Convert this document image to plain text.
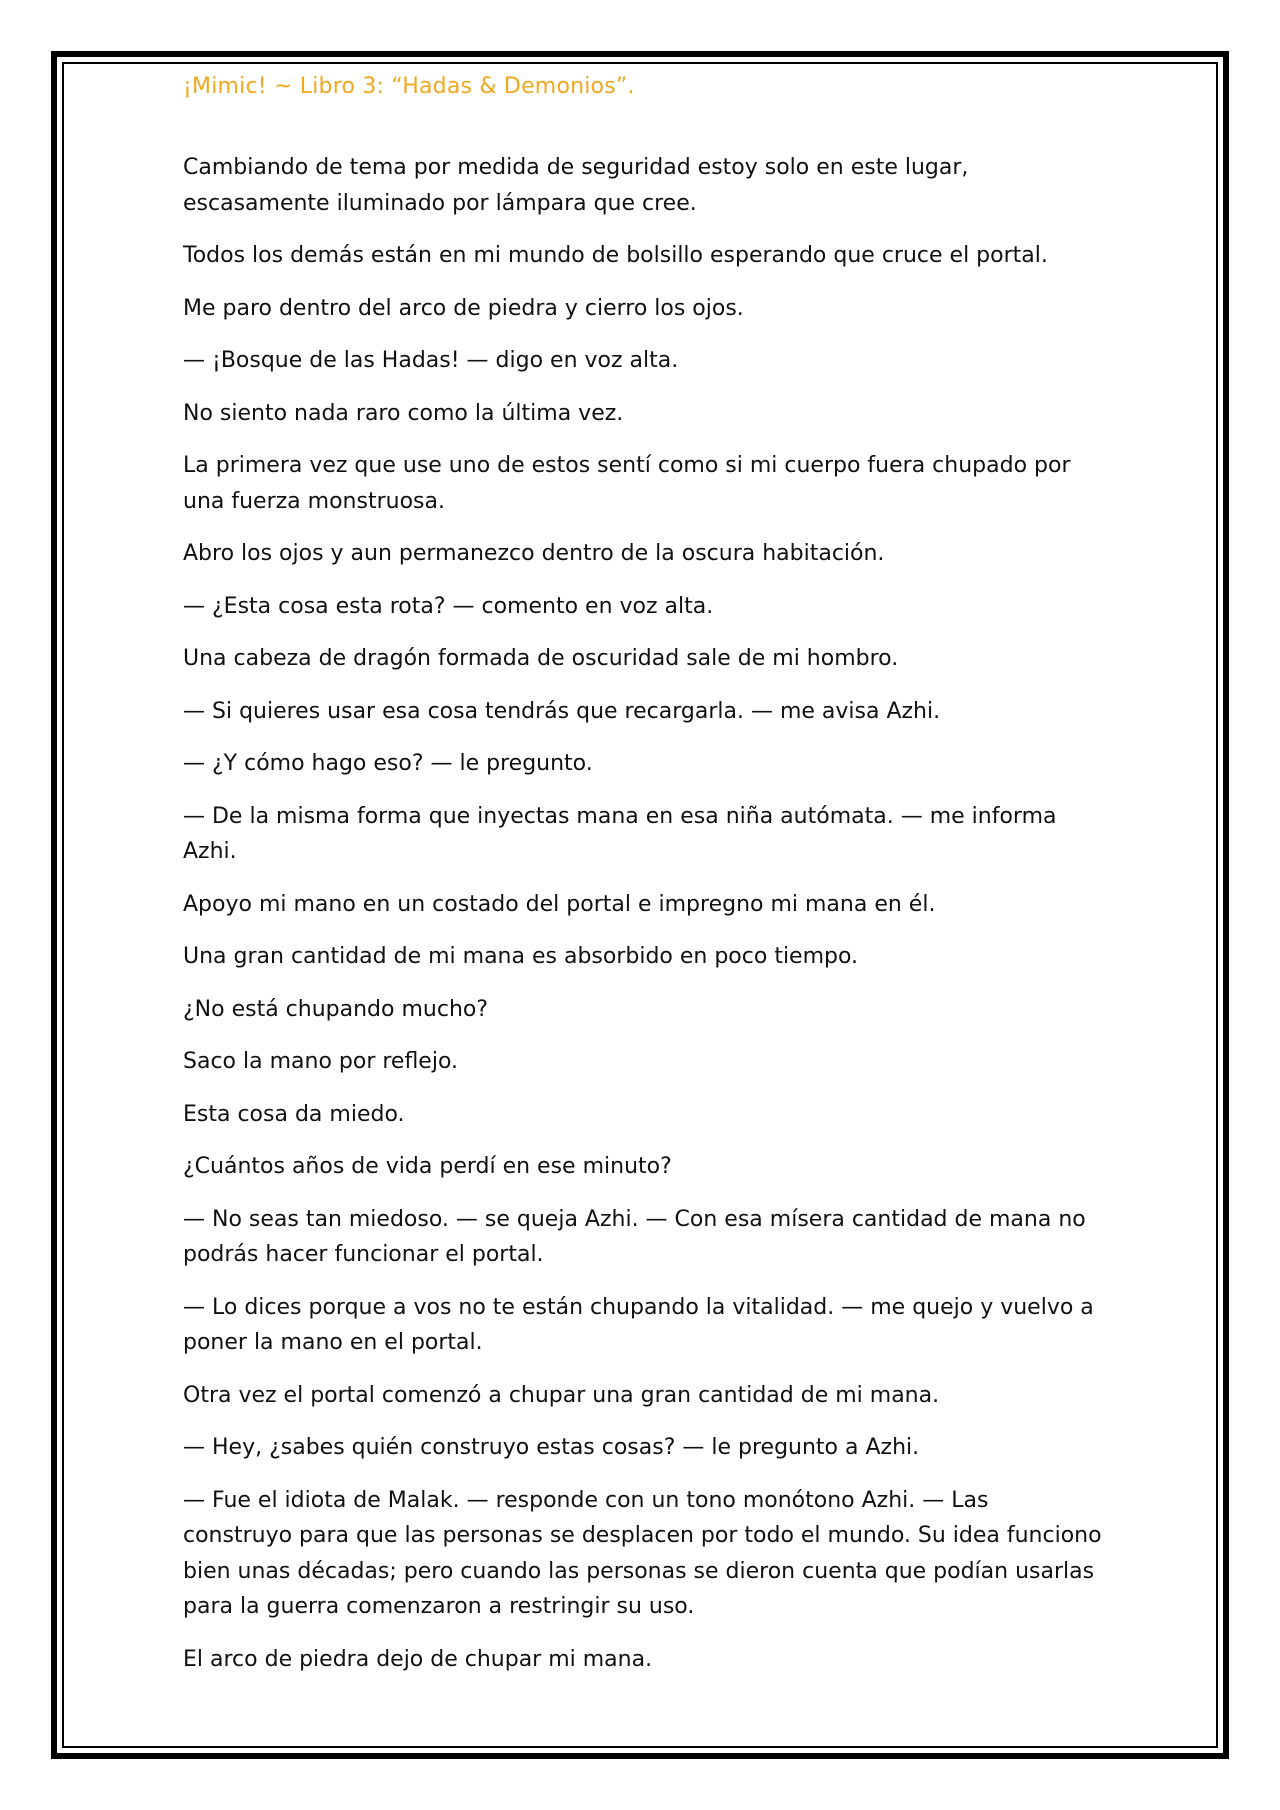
¡Mimic! ~ Libro 3: “Hadas & Demonios”.

Cambiando de tema por medida de seguridad estoy solo en este lugar, escasamente iluminado por lámpara que cree.

Todos los demás están en mi mundo de bolsillo esperando que cruce el portal.

Me paro dentro del arco de piedra y cierro los ojos.

— ¡Bosque de las Hadas! — digo en voz alta.

No siento nada raro como la última vez.

La primera vez que use uno de estos sentí como si mi cuerpo fuera chupado por una fuerza monstruosa.

Abro los ojos y aun permanezco dentro de la oscura habitación.

— ¿Esta cosa esta rota? — comento en voz alta.

Una cabeza de dragón formada de oscuridad sale de mi hombro.

— Si quieres usar esa cosa tendrás que recargarla. — me avisa Azhi.

— ¿Y cómo hago eso? — le pregunto.

— De la misma forma que inyectas mana en esa niña autómata. — me informa Azhi.

Apoyo mi mano en un costado del portal e impregno mi mana en él.

Una gran cantidad de mi mana es absorbido en poco tiempo.

¿No está chupando mucho?

Saco la mano por reflejo.

Esta cosa da miedo.

¿Cuántos años de vida perdí en ese minuto?

— No seas tan miedoso. — se queja Azhi. — Con esa mísera cantidad de mana no podrás hacer funcionar el portal.

— Lo dices porque a vos no te están chupando la vitalidad. — me quejo y vuelvo a poner la mano en el portal.

Otra vez el portal comenzó a chupar una gran cantidad de mi mana.

— Hey, ¿sabes quién construyo estas cosas? — le pregunto a Azhi.

— Fue el idiota de Malak. — responde con un tono monótono Azhi. — Las construyo para que las personas se desplacen por todo el mundo. Su idea funciono bien unas décadas; pero cuando las personas se dieron cuenta que podían usarlas para la guerra comenzaron a restringir su uso.

El arco de piedra dejo de chupar mi mana.
